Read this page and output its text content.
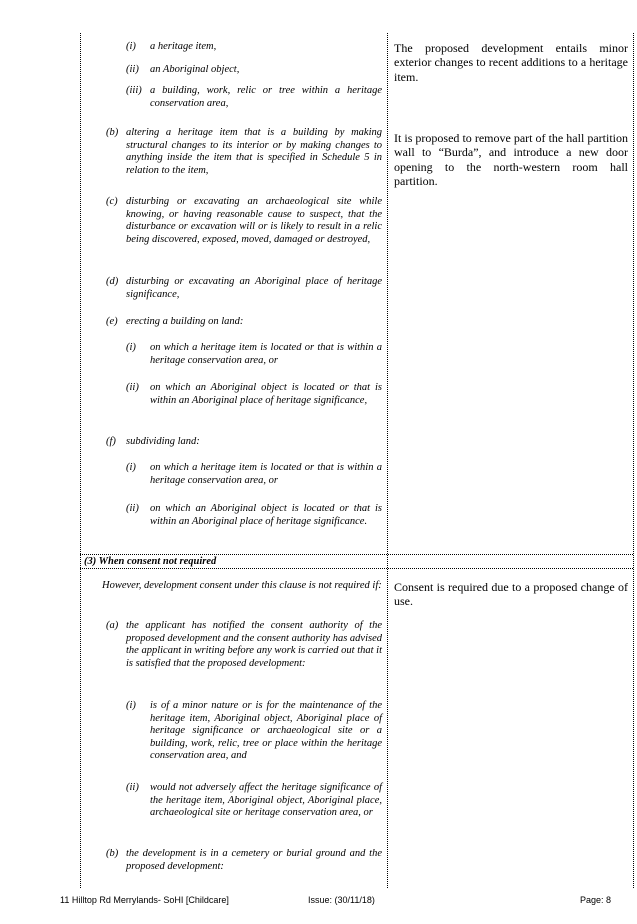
(i) a heritage item,
(ii) an Aboriginal object,
(iii) a building, work, relic or tree within a heritage conservation area,
(b) altering a heritage item that is a building by making structural changes to its interior or by making changes to anything inside the item that is specified in Schedule 5 in relation to the item,
(c) disturbing or excavating an archaeological site while knowing, or having reasonable cause to suspect, that the disturbance or excavation will or is likely to result in a relic being discovered, exposed, moved, damaged or destroyed,
(d) disturbing or excavating an Aboriginal place of heritage significance,
(e) erecting a building on land:
(i) on which a heritage item is located or that is within a heritage conservation area, or
(ii) on which an Aboriginal object is located or that is within an Aboriginal place of heritage significance,
(f) subdividing land:
(i) on which a heritage item is located or that is within a heritage conservation area, or
(ii) on which an Aboriginal object is located or that is within an Aboriginal place of heritage significance.
The proposed development entails minor exterior changes to recent additions to a heritage item.
It is proposed to remove part of the hall partition wall to “Burda”, and introduce a new door opening to the north-western room hall partition.
(3) When consent not required
However, development consent under this clause is not required if:
(a) the applicant has notified the consent authority of the proposed development and the consent authority has advised the applicant in writing before any work is carried out that it is satisfied that the proposed development:
(i) is of a minor nature or is for the maintenance of the heritage item, Aboriginal object, Aboriginal place of heritage significance or archaeological site or a building, work, relic, tree or place within the heritage conservation area, and
(ii) would not adversely affect the heritage significance of the heritage item, Aboriginal object, Aboriginal place, archaeological site or heritage conservation area, or
(b) the development is in a cemetery or burial ground and the proposed development:
Consent is required due to a proposed change of use.
11 Hilltop Rd Merrylands- SoHI [Childcare]	Issue: (30/11/18)	Page: 8
